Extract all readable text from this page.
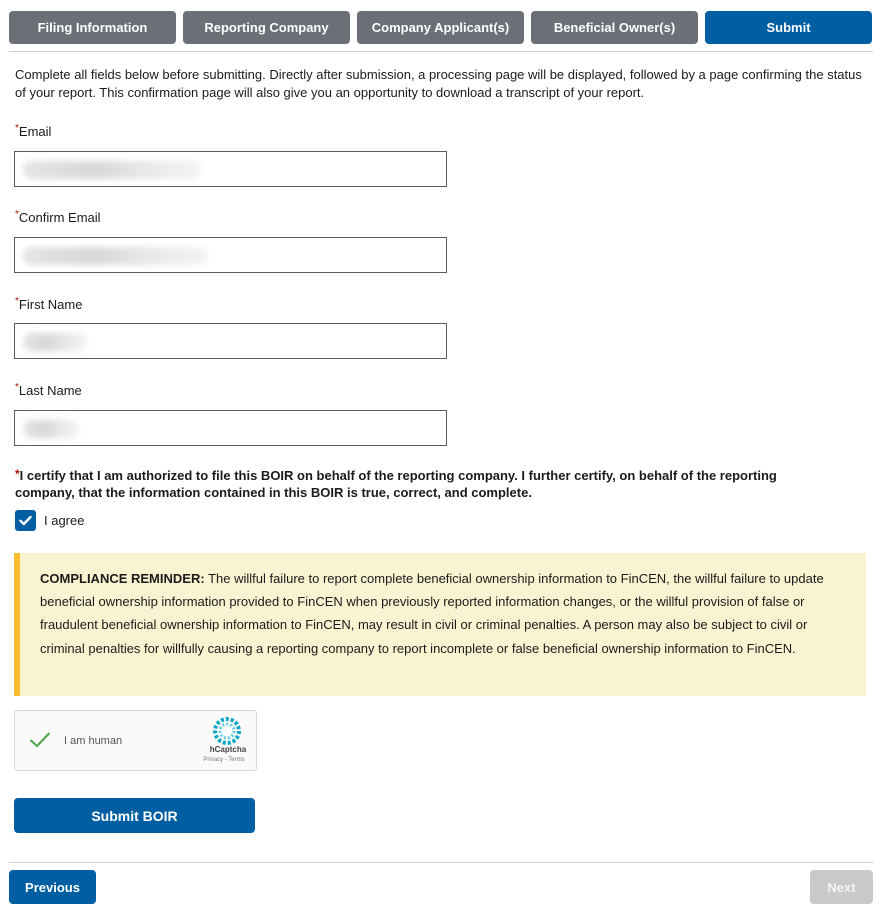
Filing Information	Reporting Company	Company Applicant(s)	Beneficial Owner(s)	Submit

Complete all fields below before submitting. Directly after submission, a processing page will be displayed, followed by a page confirming the status of your report. This confirmation page will also give you an opportunity to download a transcript of your report.

*Email
*Confirm Email
*First Name
*Last Name
*I certify that I am authorized to file this BOIR on behalf of the reporting company. I further certify, on behalf of the reporting company, that the information contained in this BOIR is true, correct, and complete.
I agree
COMPLIANCE REMINDER: The willful failure to report complete beneficial ownership information to FinCEN, the willful failure to update beneficial ownership information provided to FinCEN when previously reported information changes, or the willful provision of false or fraudulent beneficial ownership information to FinCEN, may result in civil or criminal penalties. A person may also be subject to civil or criminal penalties for willfully causing a reporting company to report incomplete or false beneficial ownership information to FinCEN.
I am human
hCaptcha
Privacy - Terms
Submit BOIR
Previous	Next
